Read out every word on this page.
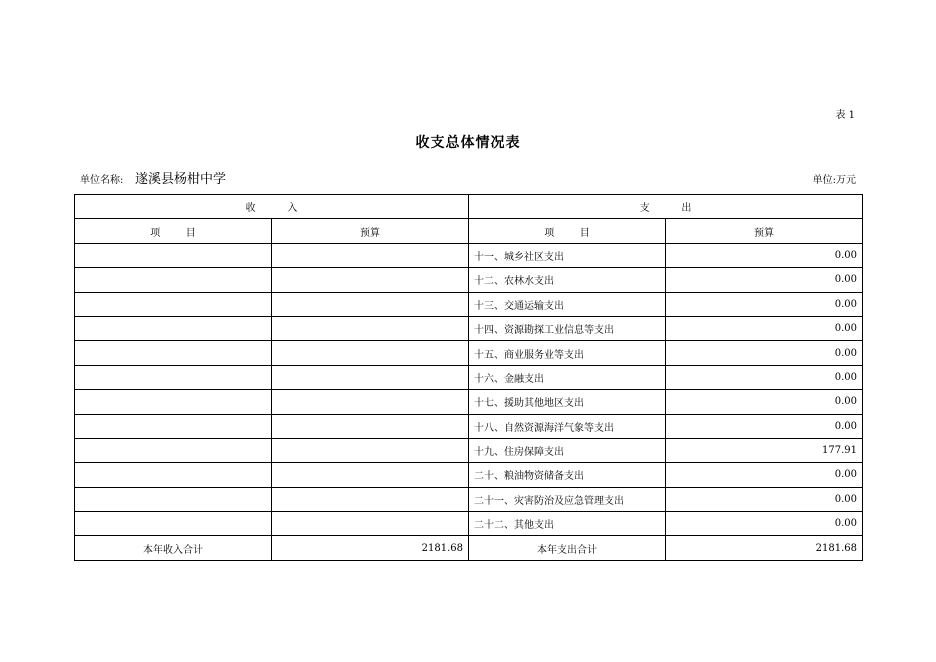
表 1
收支总体情况表
单位名称: 遂溪县杨柑中学	单位:万元
收          入		支          出	
项        目	预算	项        目	预算
		十一、城乡社区支出	0.00
		十二、农林水支出	0.00
		十三、交通运输支出	0.00
		十四、资源勘探工业信息等支出	0.00
		十五、商业服务业等支出	0.00
		十六、金融支出	0.00
		十七、援助其他地区支出	0.00
		十八、自然资源海洋气象等支出	0.00
		十九、住房保障支出	177.91
		二十、粮油物资储备支出	0.00
		二十一、灾害防治及应急管理支出	0.00
		二十二、其他支出	0.00
本年收入合计	2181.68	本年支出合计	2181.68
